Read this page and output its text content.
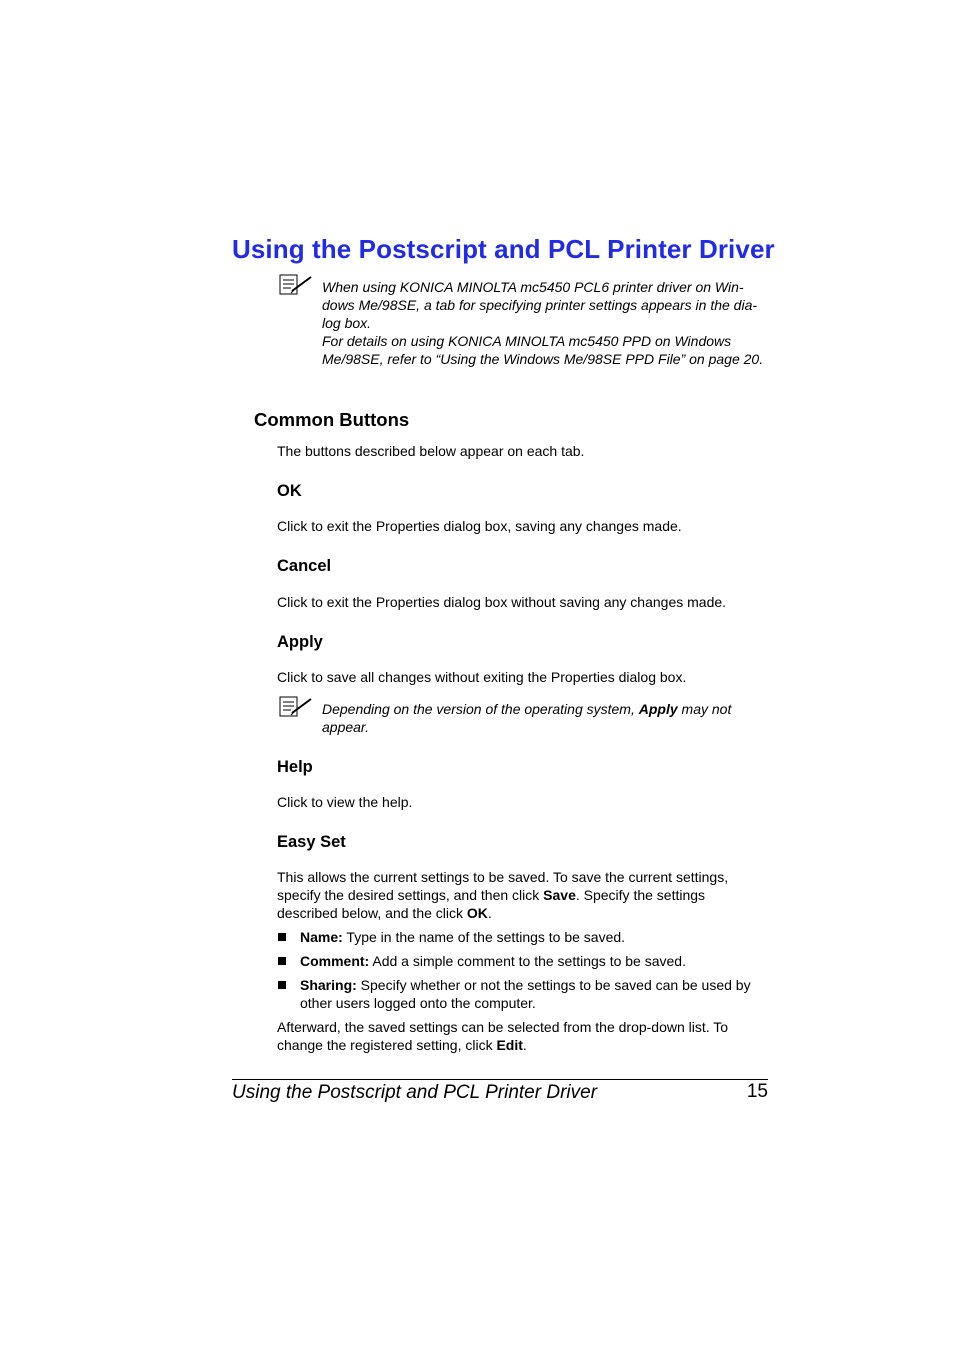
Using the Postscript and PCL Printer Driver

When using KONICA MINOLTA mc5450 PCL6 printer driver on Win-dows Me/98SE, a tab for specifying printer settings appears in the dia-log box.

For details on using KONICA MINOLTA mc5450 PPD on Windows Me/98SE, refer to “Using the Windows Me/98SE PPD File” on page 20.

Common Buttons
The buttons described below appear on each tab.
OK
Click to exit the Properties dialog box, saving any changes made.
Cancel
Click to exit the Properties dialog box without saving any changes made.
Apply
Click to save all changes without exiting the Properties dialog box.
Depending on the version of the operating system, Apply may not appear.
Help
Click to view the help.
Easy Set
This allows the current settings to be saved. To save the current settings, specify the desired settings, and then click Save. Specify the settings described below, and the click OK.
Name: Type in the name of the settings to be saved.
Comment: Add a simple comment to the settings to be saved.
Sharing: Specify whether or not the settings to be saved can be used by other users logged onto the computer.
Afterward, the saved settings can be selected from the drop-down list. To change the registered setting, click Edit.
Using the Postscript and PCL Printer Driver	15
